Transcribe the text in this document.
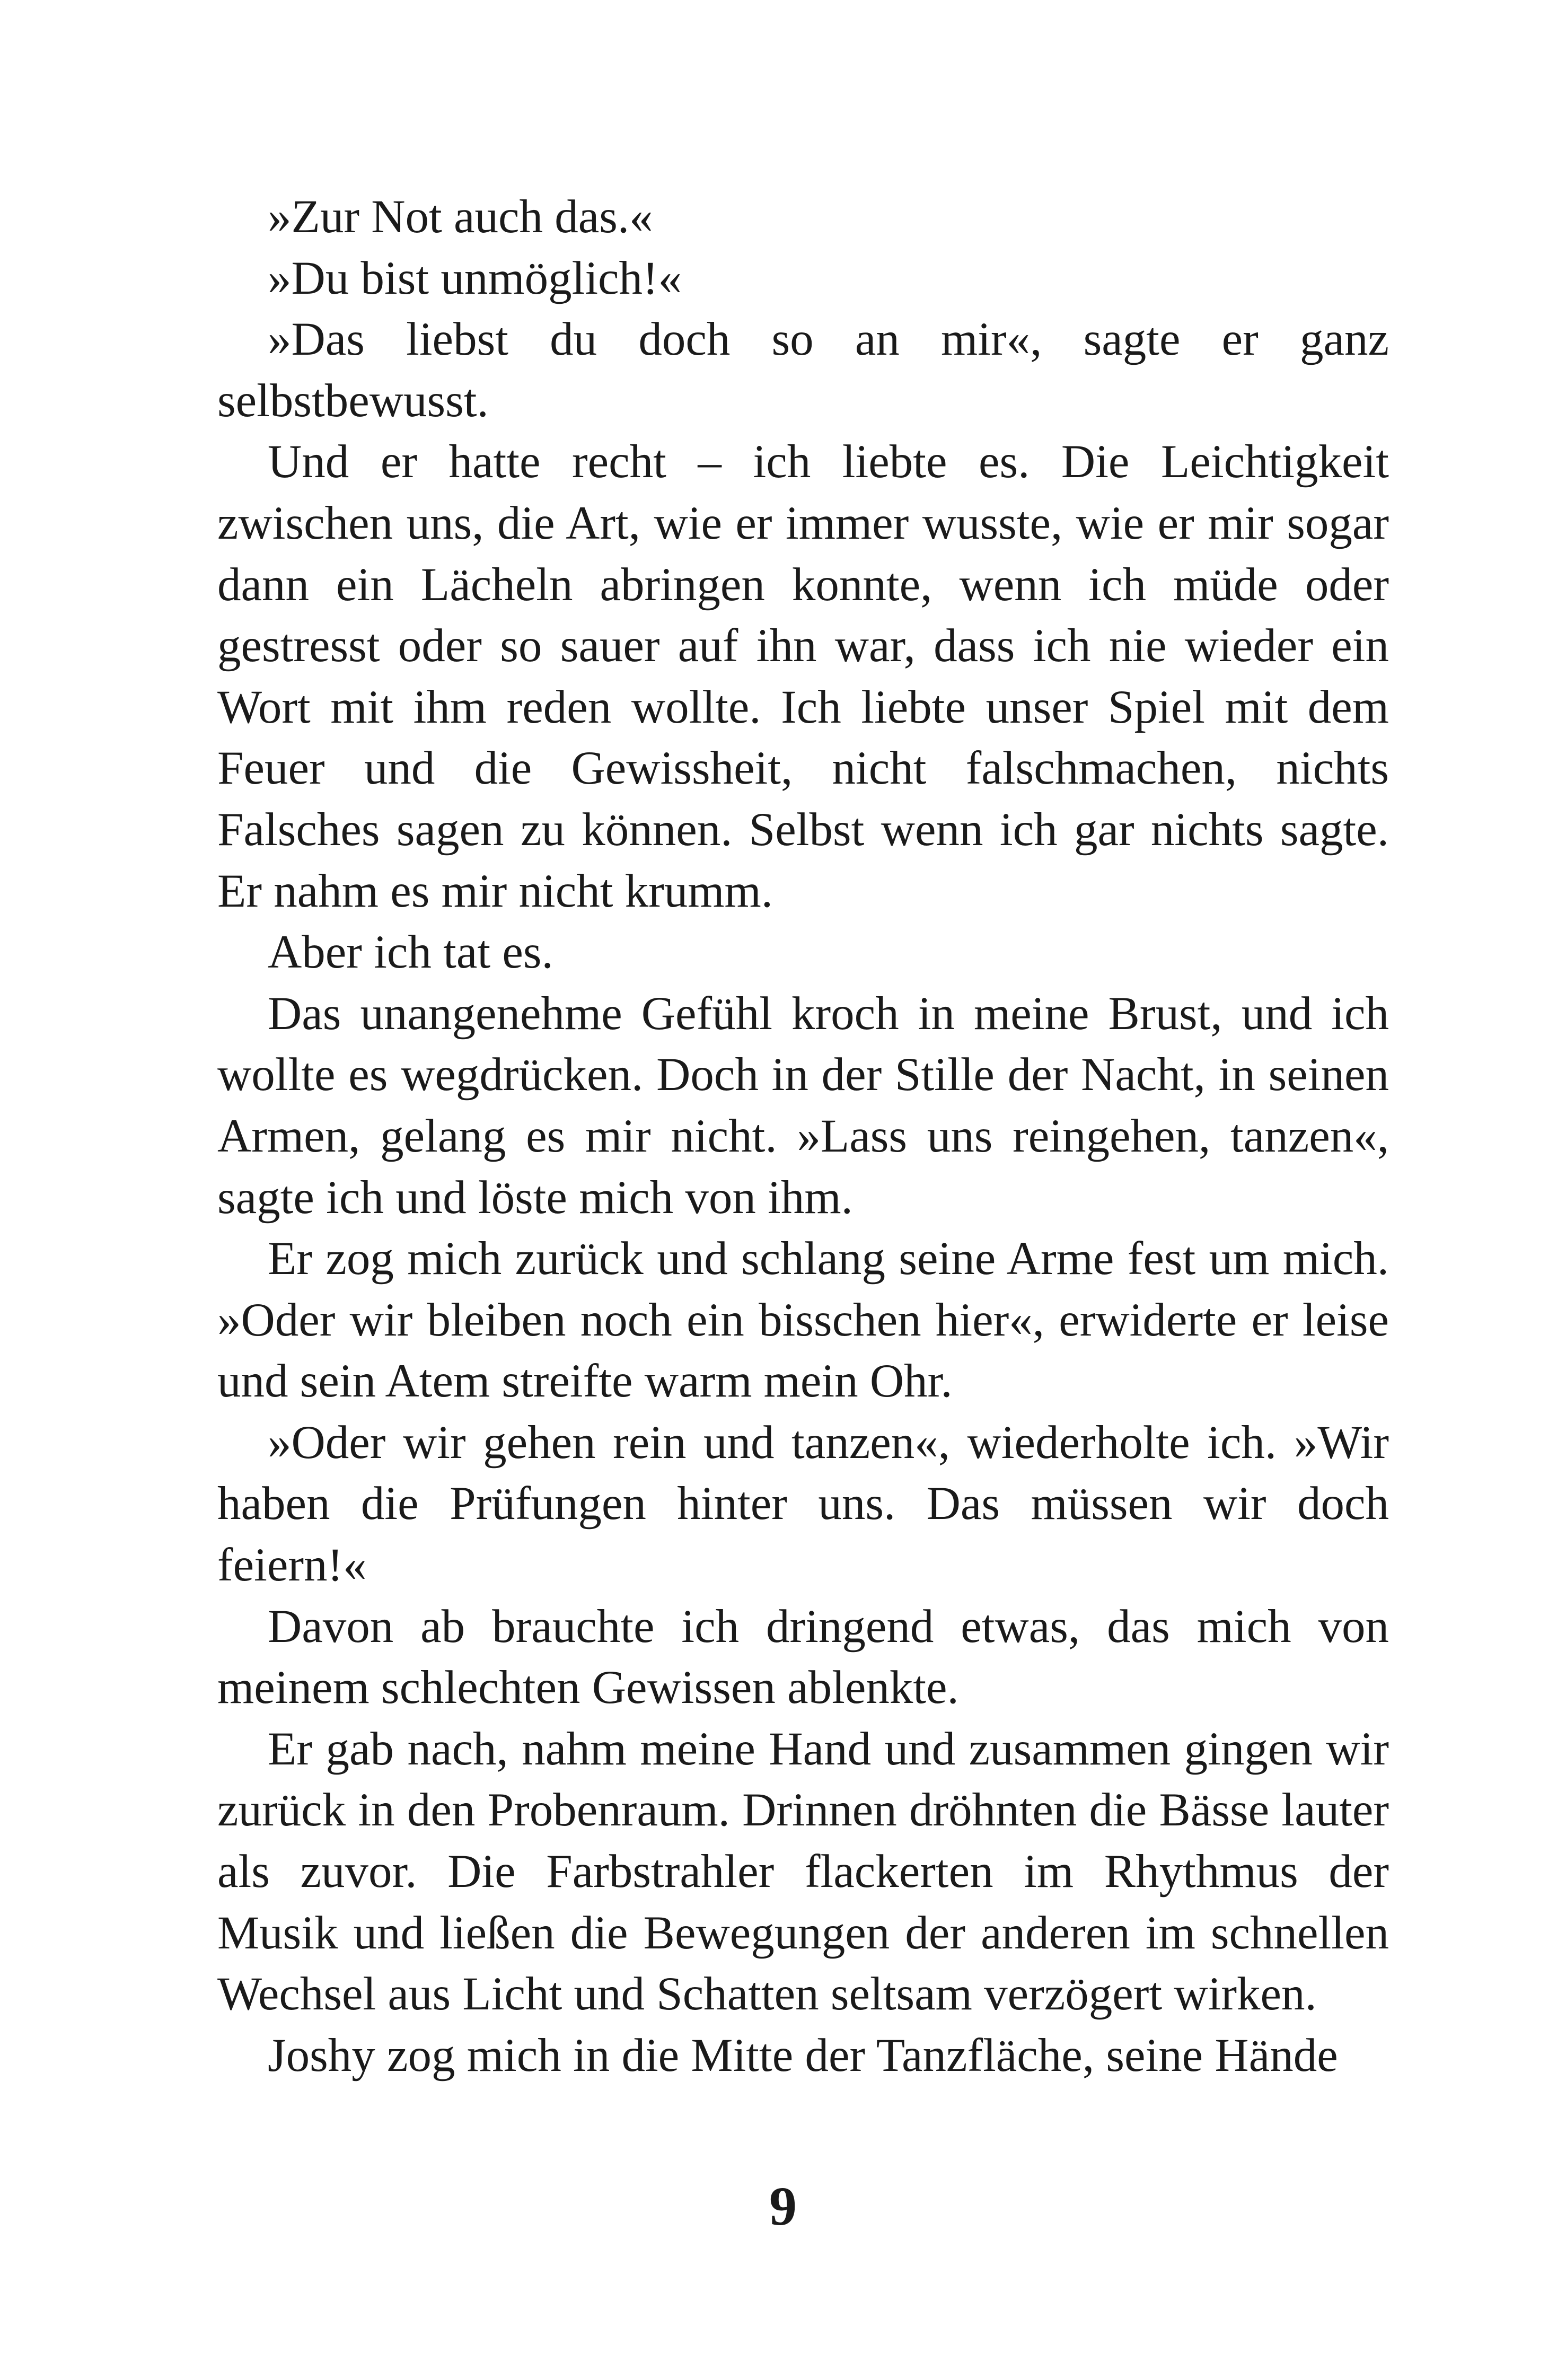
»Zur Not auch das.«

»Du bist unmöglich!«

»Das liebst du doch so an mir«, sagte er ganz selbstbewusst.

Und er hatte recht – ich liebte es. Die Leichtigkeit zwischen uns, die Art, wie er immer wusste, wie er mir sogar dann ein Lächeln abringen konnte, wenn ich müde oder gestresst oder so sauer auf ihn war, dass ich nie wieder ein Wort mit ihm reden wollte. Ich liebte unser Spiel mit dem Feuer und die Gewissheit, nicht falschmachen, nichts Falsches sagen zu können. Selbst wenn ich gar nichts sagte. Er nahm es mir nicht krumm.

Aber ich tat es.

Das unangenehme Gefühl kroch in meine Brust, und ich wollte es wegdrücken. Doch in der Stille der Nacht, in seinen Armen, gelang es mir nicht. »Lass uns reingehen, tanzen«, sagte ich und löste mich von ihm.

Er zog mich zurück und schlang seine Arme fest um mich. »Oder wir bleiben noch ein bisschen hier«, erwiderte er leise und sein Atem streifte warm mein Ohr.

»Oder wir gehen rein und tanzen«, wiederholte ich. »Wir haben die Prüfungen hinter uns. Das müssen wir doch feiern!«

Davon ab brauchte ich dringend etwas, das mich von meinem schlechten Gewissen ablenkte.

Er gab nach, nahm meine Hand und zusammen gingen wir zurück in den Probenraum. Drinnen dröhnten die Bässe lauter als zuvor. Die Farbstrahler flackerten im Rhythmus der Musik und ließen die Bewegungen der anderen im schnellen Wechsel aus Licht und Schatten seltsam verzögert wirken.

Joshy zog mich in die Mitte der Tanzfläche, seine Hände

9
